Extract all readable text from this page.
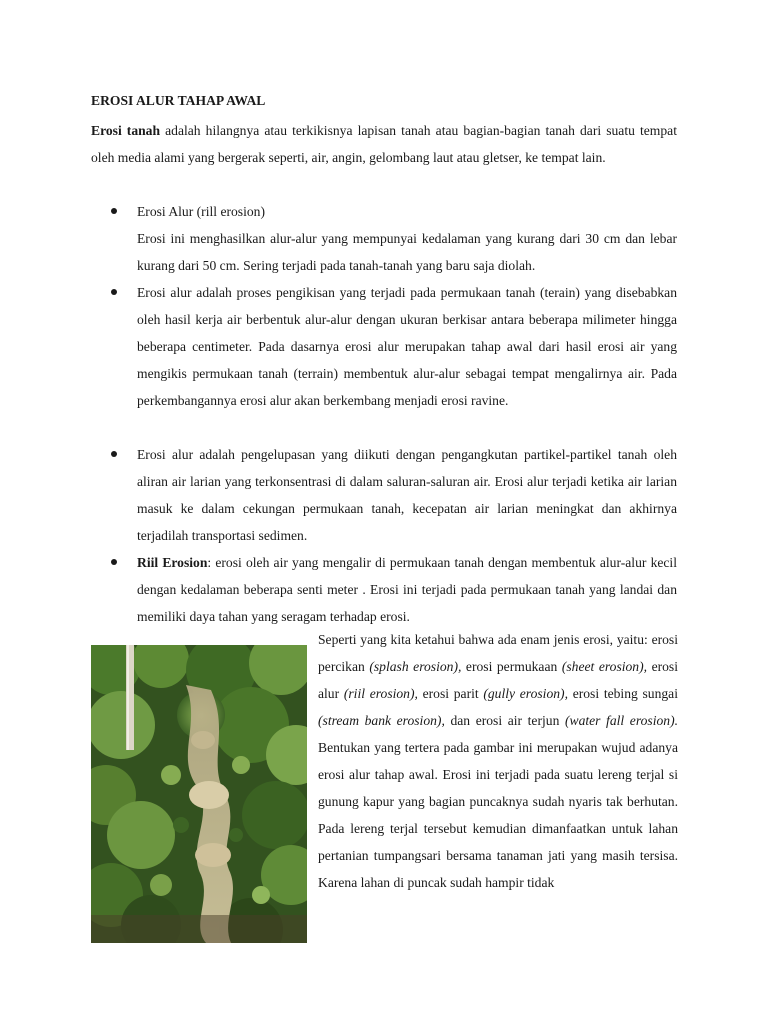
EROSI ALUR TAHAP AWAL

Erosi tanah adalah hilangnya atau terkikisnya lapisan tanah atau bagian-bagian tanah dari suatu tempat oleh media alami yang bergerak seperti, air, angin, gelombang laut atau gletser, ke tempat lain.

Erosi Alur (rill erosion)

Erosi ini menghasilkan alur-alur yang mempunyai kedalaman yang kurang dari 30 cm dan lebar kurang dari 50 cm. Sering terjadi pada tanah-tanah yang baru saja diolah.

Erosi alur adalah proses pengikisan yang terjadi pada permukaan tanah (terain) yang disebabkan oleh hasil kerja air berbentuk alur-alur dengan ukuran berkisar antara beberapa milimeter hingga beberapa centimeter. Pada dasarnya erosi alur merupakan tahap awal dari hasil erosi air yang mengikis permukaan tanah (terrain) membentuk alur-alur sebagai tempat mengalirnya air. Pada perkembangannya erosi alur akan berkembang menjadi erosi ravine.

Erosi alur adalah pengelupasan yang diikuti dengan pengangkutan partikel-partikel tanah oleh aliran air larian yang terkonsentrasi di dalam saluran-saluran air. Erosi alur terjadi ketika air larian masuk ke dalam cekungan permukaan tanah, kecepatan air larian meningkat dan akhirnya terjadilah transportasi sedimen.

Riil Erosion: erosi oleh air yang mengalir di permukaan tanah dengan membentuk alur-alur kecil dengan kedalaman beberapa senti meter . Erosi ini terjadi pada permukaan tanah yang landai dan memiliki daya tahan yang seragam terhadap erosi.

Seperti yang kita ketahui bahwa ada enam jenis erosi, yaitu: erosi percikan (splash erosion), erosi permukaan (sheet erosion), erosi alur (riil erosion), erosi parit (gully erosion), erosi tebing sungai (stream bank erosion), dan erosi air terjun (water fall erosion). Bentukan yang tertera pada gambar ini merupakan wujud adanya erosi alur tahap awal. Erosi ini terjadi pada suatu lereng terjal si gunung kapur yang bagian puncaknya sudah nyaris tak berhutan. Pada lereng terjal tersebut kemudian dimanfaatkan untuk lahan pertanian tumpangsari bersama tanaman jati yang masih tersisa. Karena lahan di puncak sudah hampir tidak
